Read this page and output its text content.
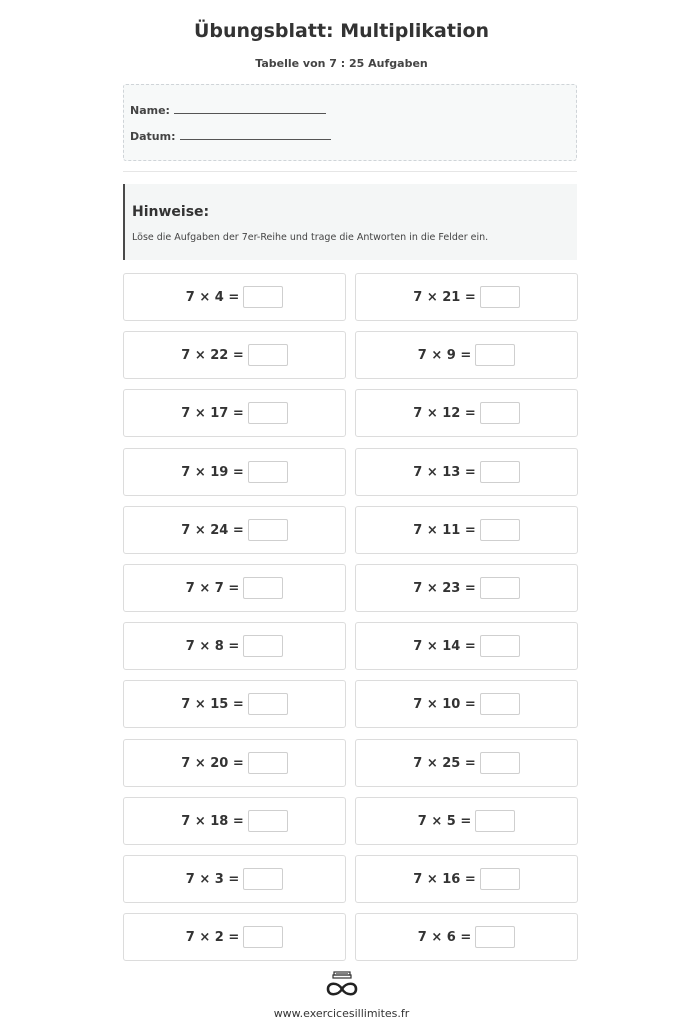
Übungsblatt: Multiplikation
Tabelle von 7 : 25 Aufgaben
Name:
Datum:
Hinweise:
Löse die Aufgaben der 7er-Reihe und trage die Antworten in die Felder ein.
7 × 4 =	7 × 21 =
7 × 22 =	7 × 9 =
7 × 17 =	7 × 12 =
7 × 19 =	7 × 13 =
7 × 24 =	7 × 11 =
7 × 7 =	7 × 23 =
7 × 8 =	7 × 14 =
7 × 15 =	7 × 10 =
7 × 20 =	7 × 25 =
7 × 18 =	7 × 5 =
7 × 3 =	7 × 16 =
7 × 2 =	7 × 6 =
www.exercicesillimites.fr
